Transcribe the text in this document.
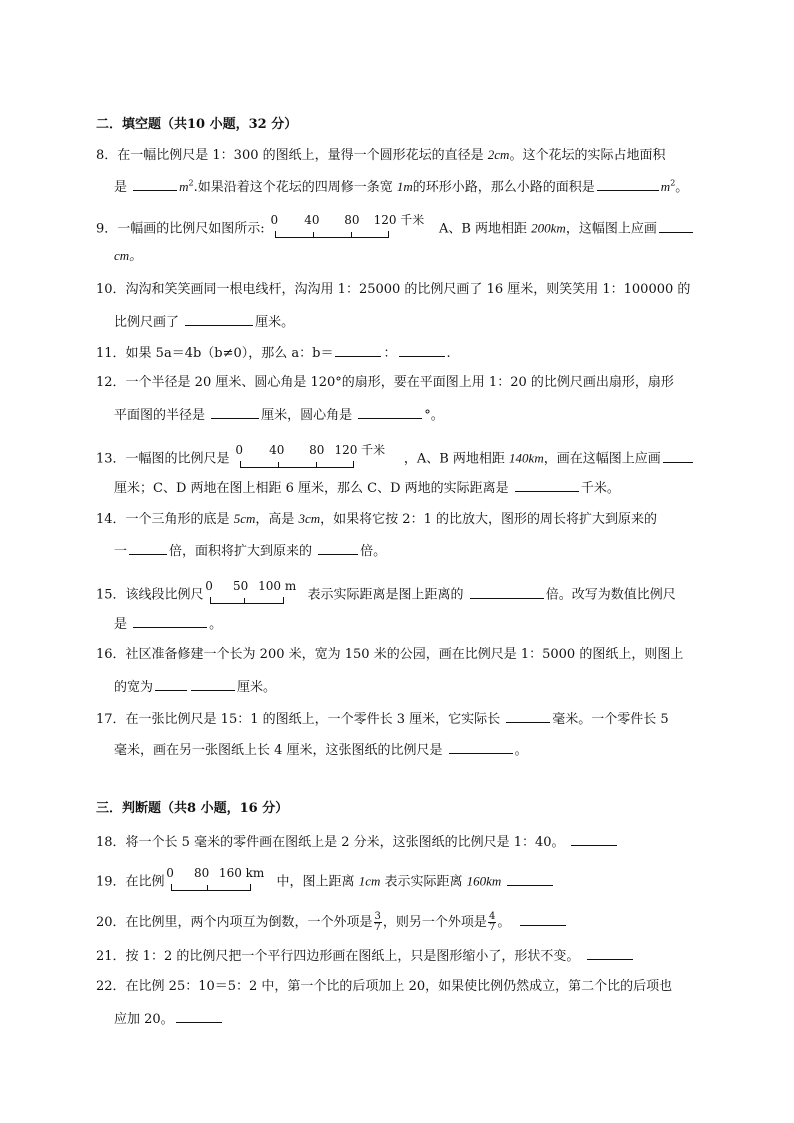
二．填空题（共10 小题，32 分）
8．在一幅比例尺是 1：300 的图纸上，量得一个圆形花坛的直径是 2cm。这个花坛的实际占地面积
是	$m^2$.如果沿着这个花坛的四周修一条宽 1m的环形小路，那么小路的面积是	$m^2$。
9．一幅画的比例尺如图所示:
0 40 80 120 千米
A、B 两地相距 200km，这幅图上应画
cm。
10．沟沟和笑笑画同一根电线杆，沟沟用 1：25000 的比例尺画了 16 厘米，则笑笑用 1：100000 的
比例尺画了	厘米。
11．如果 5a＝4b（b≠0），那么 a：b＝	：	.
12．一个半径是 20 厘米、圆心角是 120°的扇形，要在平面图上用 1：20 的比例尺画出扇形，扇形
平面图的半径是	厘米，圆心角是	°。
13．一幅图的比例尺是
0 40 80 120 千米
，A、B 两地相距 140km，画在这幅图上应画
厘米；C、D 两地在图上相距 6 厘米，那么 C、D 两地的实际距离是	千米。
14．一个三角形的底是 5cm，高是 3cm，如果将它按 2：1 的比放大，图形的周长将扩大到原来的
一	倍，面积将扩大到原来的	倍。
15．该线段比例尺
0 50 100 m
表示实际距离是图上距离的	倍。改写为数值比例尺
是	。
16．社区准备修建一个长为 200 米，宽为 150 米的公园，画在比例尺是 1：5000 的图纸上，则图上
的宽为	厘米。
17．在一张比例尺是 15：1 的图纸上，一个零件长 3 厘米，它实际长	毫米。一个零件长 5
毫米，画在另一张图纸上长 4 厘米，这张图纸的比例尺是	。
三．判断题（共8 小题，16 分）
18．将一个长 5 毫米的零件画在图纸上是 2 分米，这张图纸的比例尺是 1：40。
19．在比例
0 80 160 km
中，图上距离 1cm 表示实际距离 160km
20．在比例里，两个内项互为倒数，一个外项是 $\frac{3}{7}$ ，则另一个外项是 $\frac{4}{7}$ 。
21．按 1：2 的比例尺把一个平行四边形画在图纸上，只是图形缩小了，形状不变。
22．在比例 25：10＝5：2 中，第一个比的后项加上 20，如果使比例仍然成立，第二个比的后项也
应加 20。
